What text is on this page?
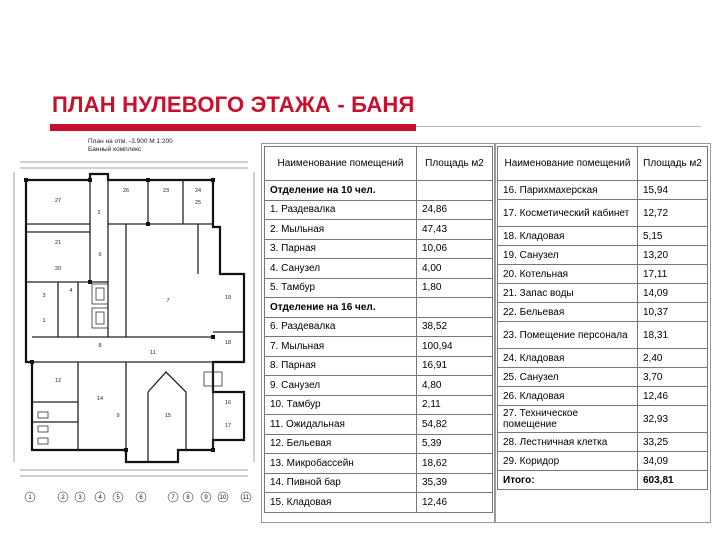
ПЛАН НУЛЕВОГО ЭТАЖА - БАНЯ
План на отм. -3.900 М 1:200
Банный комплекс
27
26	23	24
25
2
21
20
6
4
3
1
19
7
18
11
8
12
14
15
16
17
9
1	2 3	4 5	6	7 8 9 10	11
Наименование помещений	Площадь м2
Отделение на 10 чел.	
1. Раздевалка	24,86
2. Мыльная	47,43
3. Парная	10,06
4. Санузел	4,00
5. Тамбур	1,80
Отделение на 16 чел.	
6. Раздевалка	38,52
7. Мыльная	100,94
8. Парная	16,91
9. Санузел	4,80
10. Тамбур	2,11
11. Ожидальная	54,82
12. Бельевая	5,39
13. Микробассейн	18,62
14. Пивной бар	35,39
15. Кладовая	12,46
Наименование помещений	Площадь м2
16. Парихмахерская	15,94
17. Косметический кабинет	12,72
18. Кладовая	5,15
19. Санузел	13,20
20. Котельная	17,11
21. Запас воды	14,09
22. Бельевая	10,37
23. Помещение персонала	18,31
24. Кладовая	2,40
25. Санузел	3,70
26. Кладовая	12,46
27. Техническое помещение	32,93
28. Лестничная клетка	33,25
29. Коридор	34,09
Итого:	603,81
